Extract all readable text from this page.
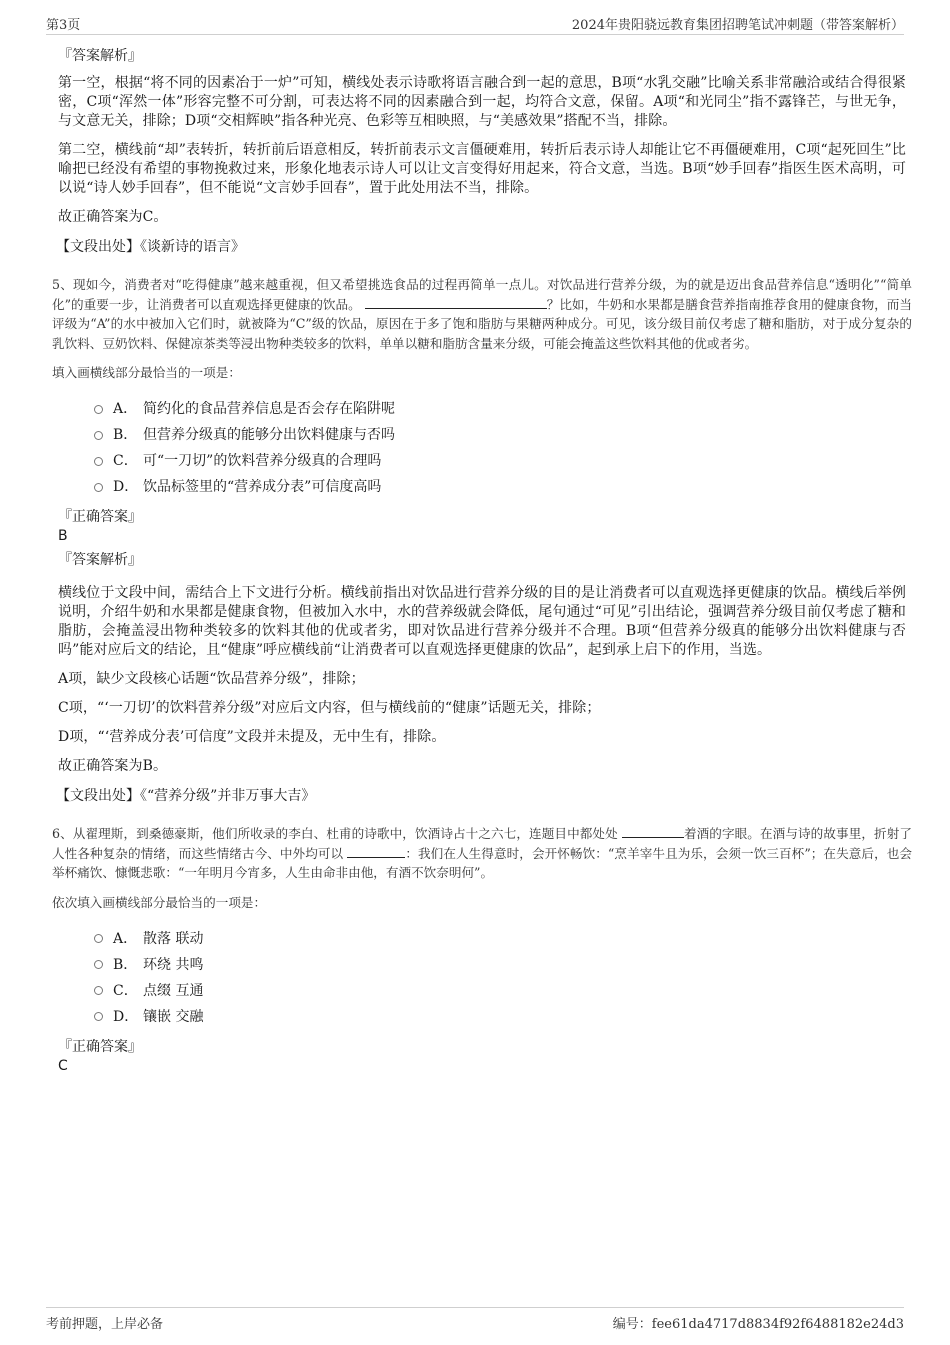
第3页	2024年贵阳骁远教育集团招聘笔试冲刺题（带答案解析）
『答案解析』
第一空，根据“将不同的因素冶于一炉”可知，横线处表示诗歌将语言融合到一起的意思，B项“水乳交融”比喻关系非常融洽或结合得很紧密，C项“浑然一体”形容完整不可分割，可表达将不同的因素融合到一起，均符合文意，保留。A项“和光同尘”指不露锋芒，与世无争，与文意无关，排除；D项“交相辉映”指各种光亮、色彩等互相映照，与“美感效果”搭配不当，排除。
第二空，横线前“却”表转折，转折前后语意相反，转折前表示文言僵硬难用，转折后表示诗人却能让它不再僵硬难用，C项“起死回生”比喻把已经没有希望的事物挽救过来，形象化地表示诗人可以让文言变得好用起来，符合文意，当选。B项“妙手回春”指医生医术高明，可以说“诗人妙手回春”，但不能说“文言妙手回春”，置于此处用法不当，排除。
故正确答案为C。
【文段出处】《谈新诗的语言》
5、现如今，消费者对“吃得健康”越来越重视，但又希望挑选食品的过程再简单一点儿。对饮品进行营养分级，为的就是迈出食品营养信息“透明化”“简单化”的重要一步，让消费者可以直观选择更健康的饮品。	？比如，牛奶和水果都是膳食营养指南推荐食用的健康食物，而当评级为“A”的水中被加入它们时，就被降为“C”级的饮品，原因在于多了饱和脂肪与果糖两种成分。可见，该分级目前仅考虑了糖和脂肪，对于成分复杂的乳饮料、豆奶饮料、保健凉茶类等浸出物种类较多的饮料，单单以糖和脂肪含量来分级，可能会掩盖这些饮料其他的优或者劣。
填入画横线部分最恰当的一项是：
A． 简约化的食品营养信息是否会存在陷阱呢
B． 但营养分级真的能够分出饮料健康与否吗
C． 可“一刀切”的饮料营养分级真的合理吗
D． 饮品标签里的“营养成分表”可信度高吗
『正确答案』
B
『答案解析』
横线位于文段中间，需结合上下文进行分析。横线前指出对饮品进行营养分级的目的是让消费者可以直观选择更健康的饮品。横线后举例说明，介绍牛奶和水果都是健康食物，但被加入水中，水的营养级就会降低，尾句通过“可见”引出结论，强调营养分级目前仅考虑了糖和脂肪，会掩盖浸出物种类较多的饮料其他的优或者劣，即对饮品进行营养分级并不合理。B项“但营养分级真的能够分出饮料健康与否吗”能对应后文的结论，且“健康”呼应横线前“让消费者可以直观选择更健康的饮品”，起到承上启下的作用，当选。
A项，缺少文段核心话题“饮品营养分级”，排除；
C项，“‘一刀切’的饮料营养分级”对应后文内容，但与横线前的“健康”话题无关，排除；
D项，“‘营养成分表’可信度”文段并未提及，无中生有，排除。
故正确答案为B。
【文段出处】《“营养分级”并非万事大吉》
6、从翟理斯，到桑德豪斯，他们所收录的李白、杜甫的诗歌中，饮酒诗占十之六七，连题目中都处处	着酒的字眼。在酒与诗的故事里，折射了人性各种复杂的情绪，而这些情绪古今、中外均可以	：我们在人生得意时，会开怀畅饮：“烹羊宰牛且为乐，会须一饮三百杯”；在失意后，也会举杯痛饮、慷慨悲歌：“一年明月今宵多，人生由命非由他，有酒不饮奈明何”。
依次填入画横线部分最恰当的一项是：
A． 散落 联动
B． 环绕 共鸣
C． 点缀 互通
D． 镶嵌 交融
『正确答案』
C
考前押题，上岸必备	编号：fee61da4717d8834f92f6488182e24d3
